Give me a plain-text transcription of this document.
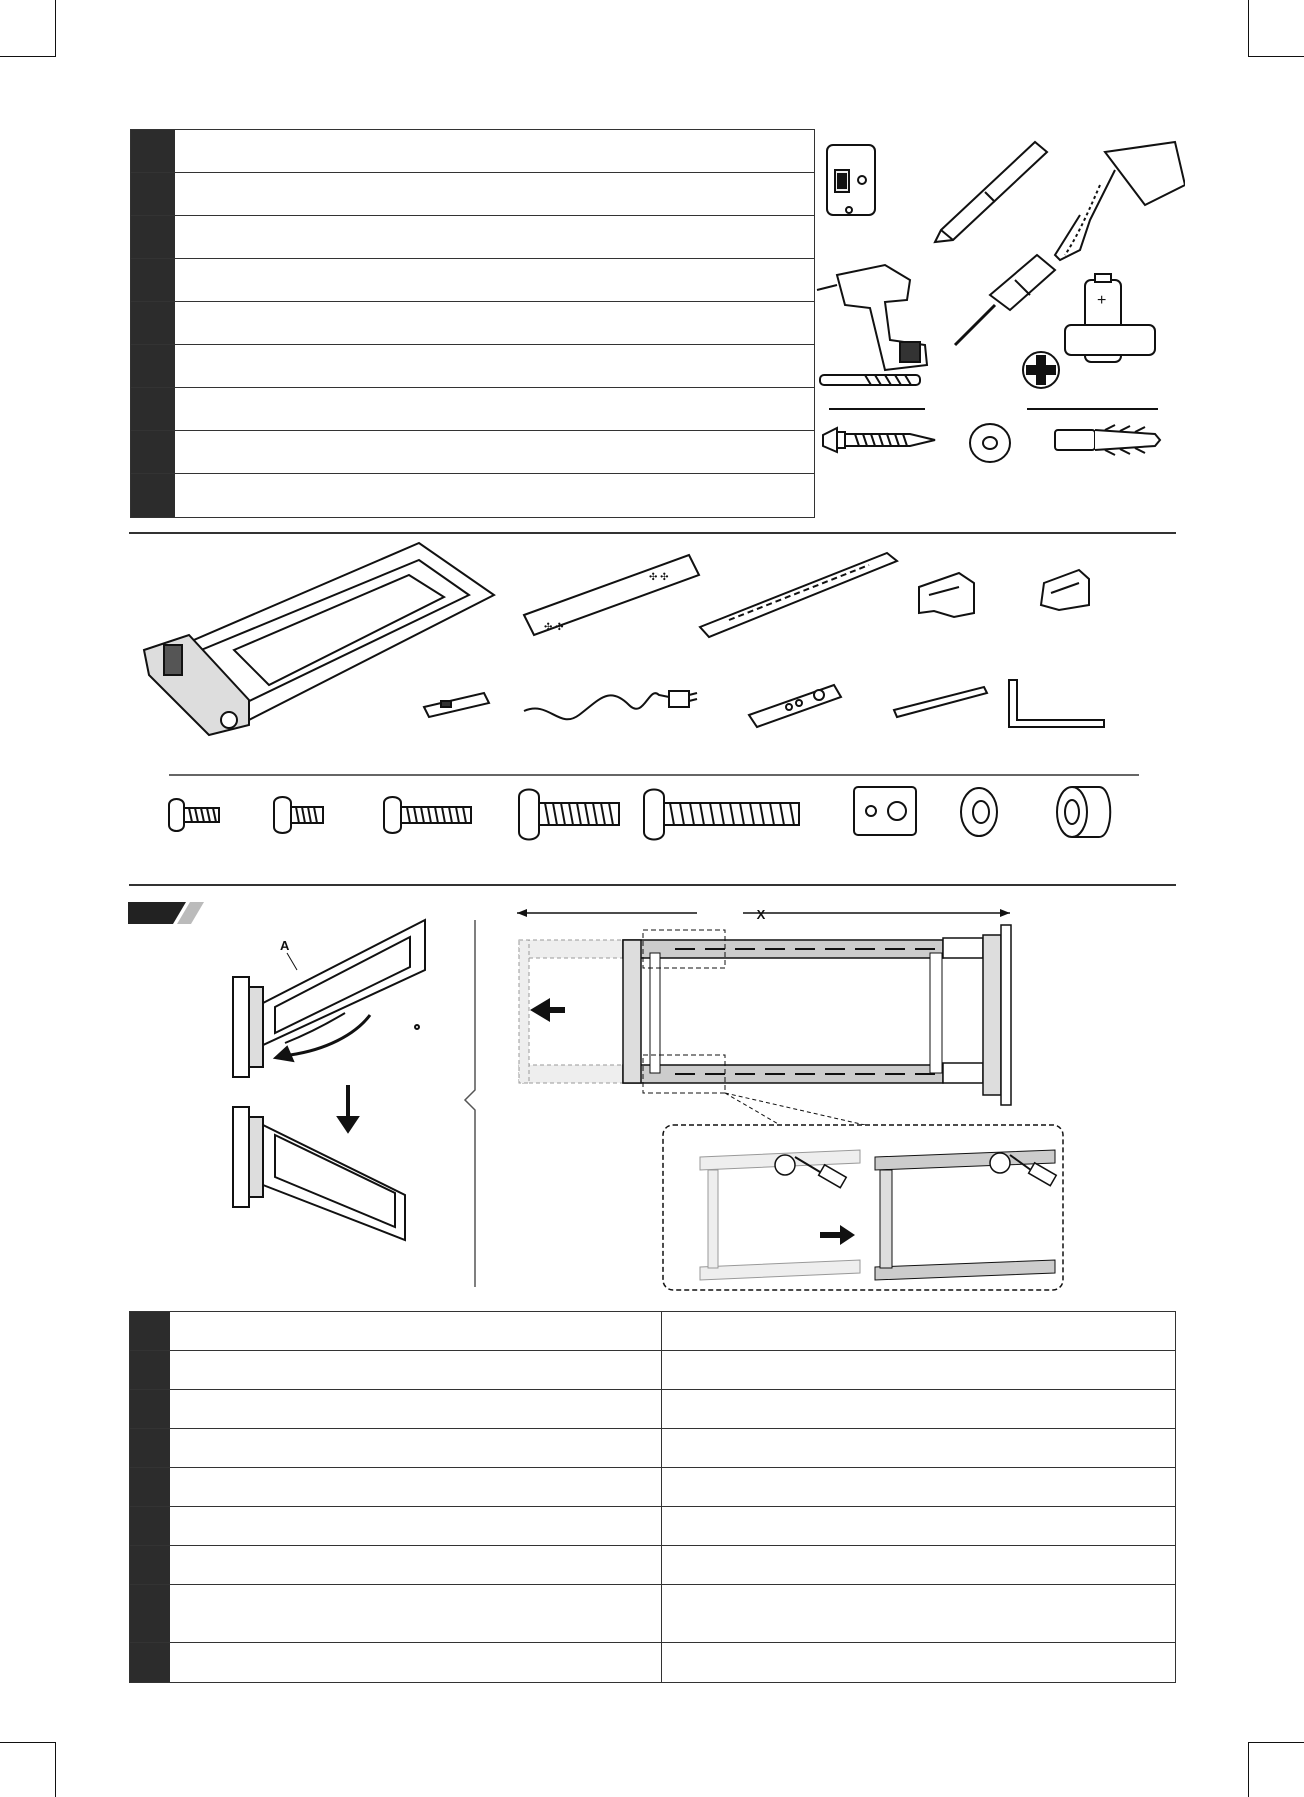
+
−
✣ ✣
✣ ✣
A
X
